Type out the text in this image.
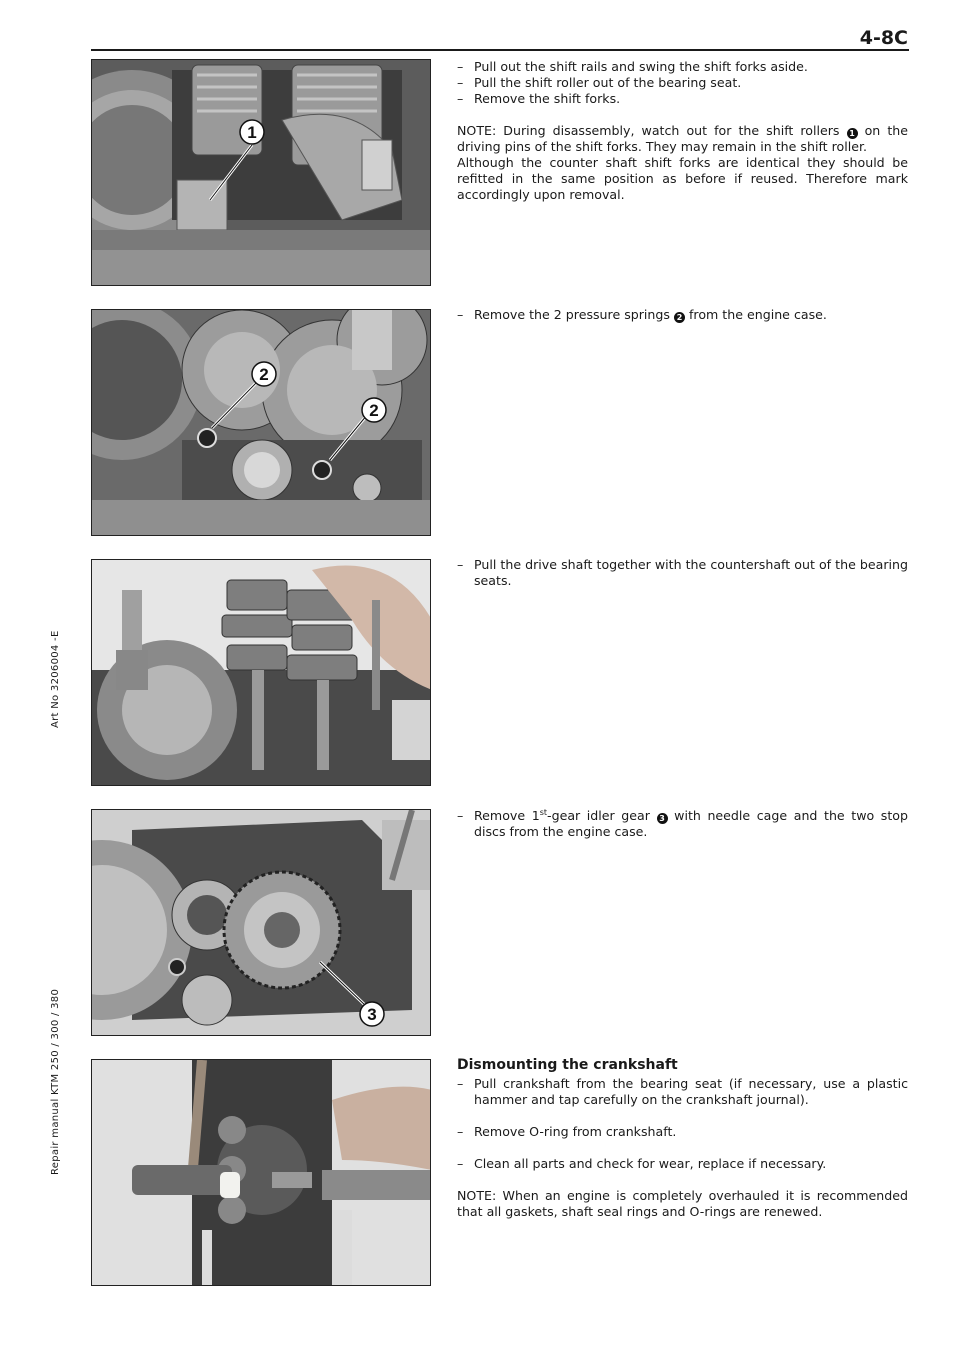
4-8C
Art No 3206004 -E
Repair manual KTM 250 / 300 / 380
1
– Pull out the shift rails and swing the shift forks aside.
– Pull the shift roller out of the bearing seat.
– Remove the shift forks.

NOTE: During disassembly, watch out for the shift rollers 1 on the driving pins of the shift forks. They may remain in the shift roller.

Although the counter shaft shift forks are identical they should be refitted in the same position as before if reused. Therefore mark accordingly upon removal.

2
2
– Remove the 2 pressure springs 2 from the engine case.
– Pull the drive shaft together with the countershaft out of the bearing seats.
3
– Remove 1st-gear idler gear 3 with needle cage and the two stop discs from the engine case.
Dismounting the crankshaft
– Pull crankshaft from the bearing seat (if necessary, use a plastic hammer and tap carefully on the crankshaft journal).
– Remove O-ring from crankshaft.
– Clean all parts and check for wear, replace if necessary.

NOTE: When an engine is completely overhauled it is recommended that all gaskets, shaft seal rings and O-rings are renewed.
